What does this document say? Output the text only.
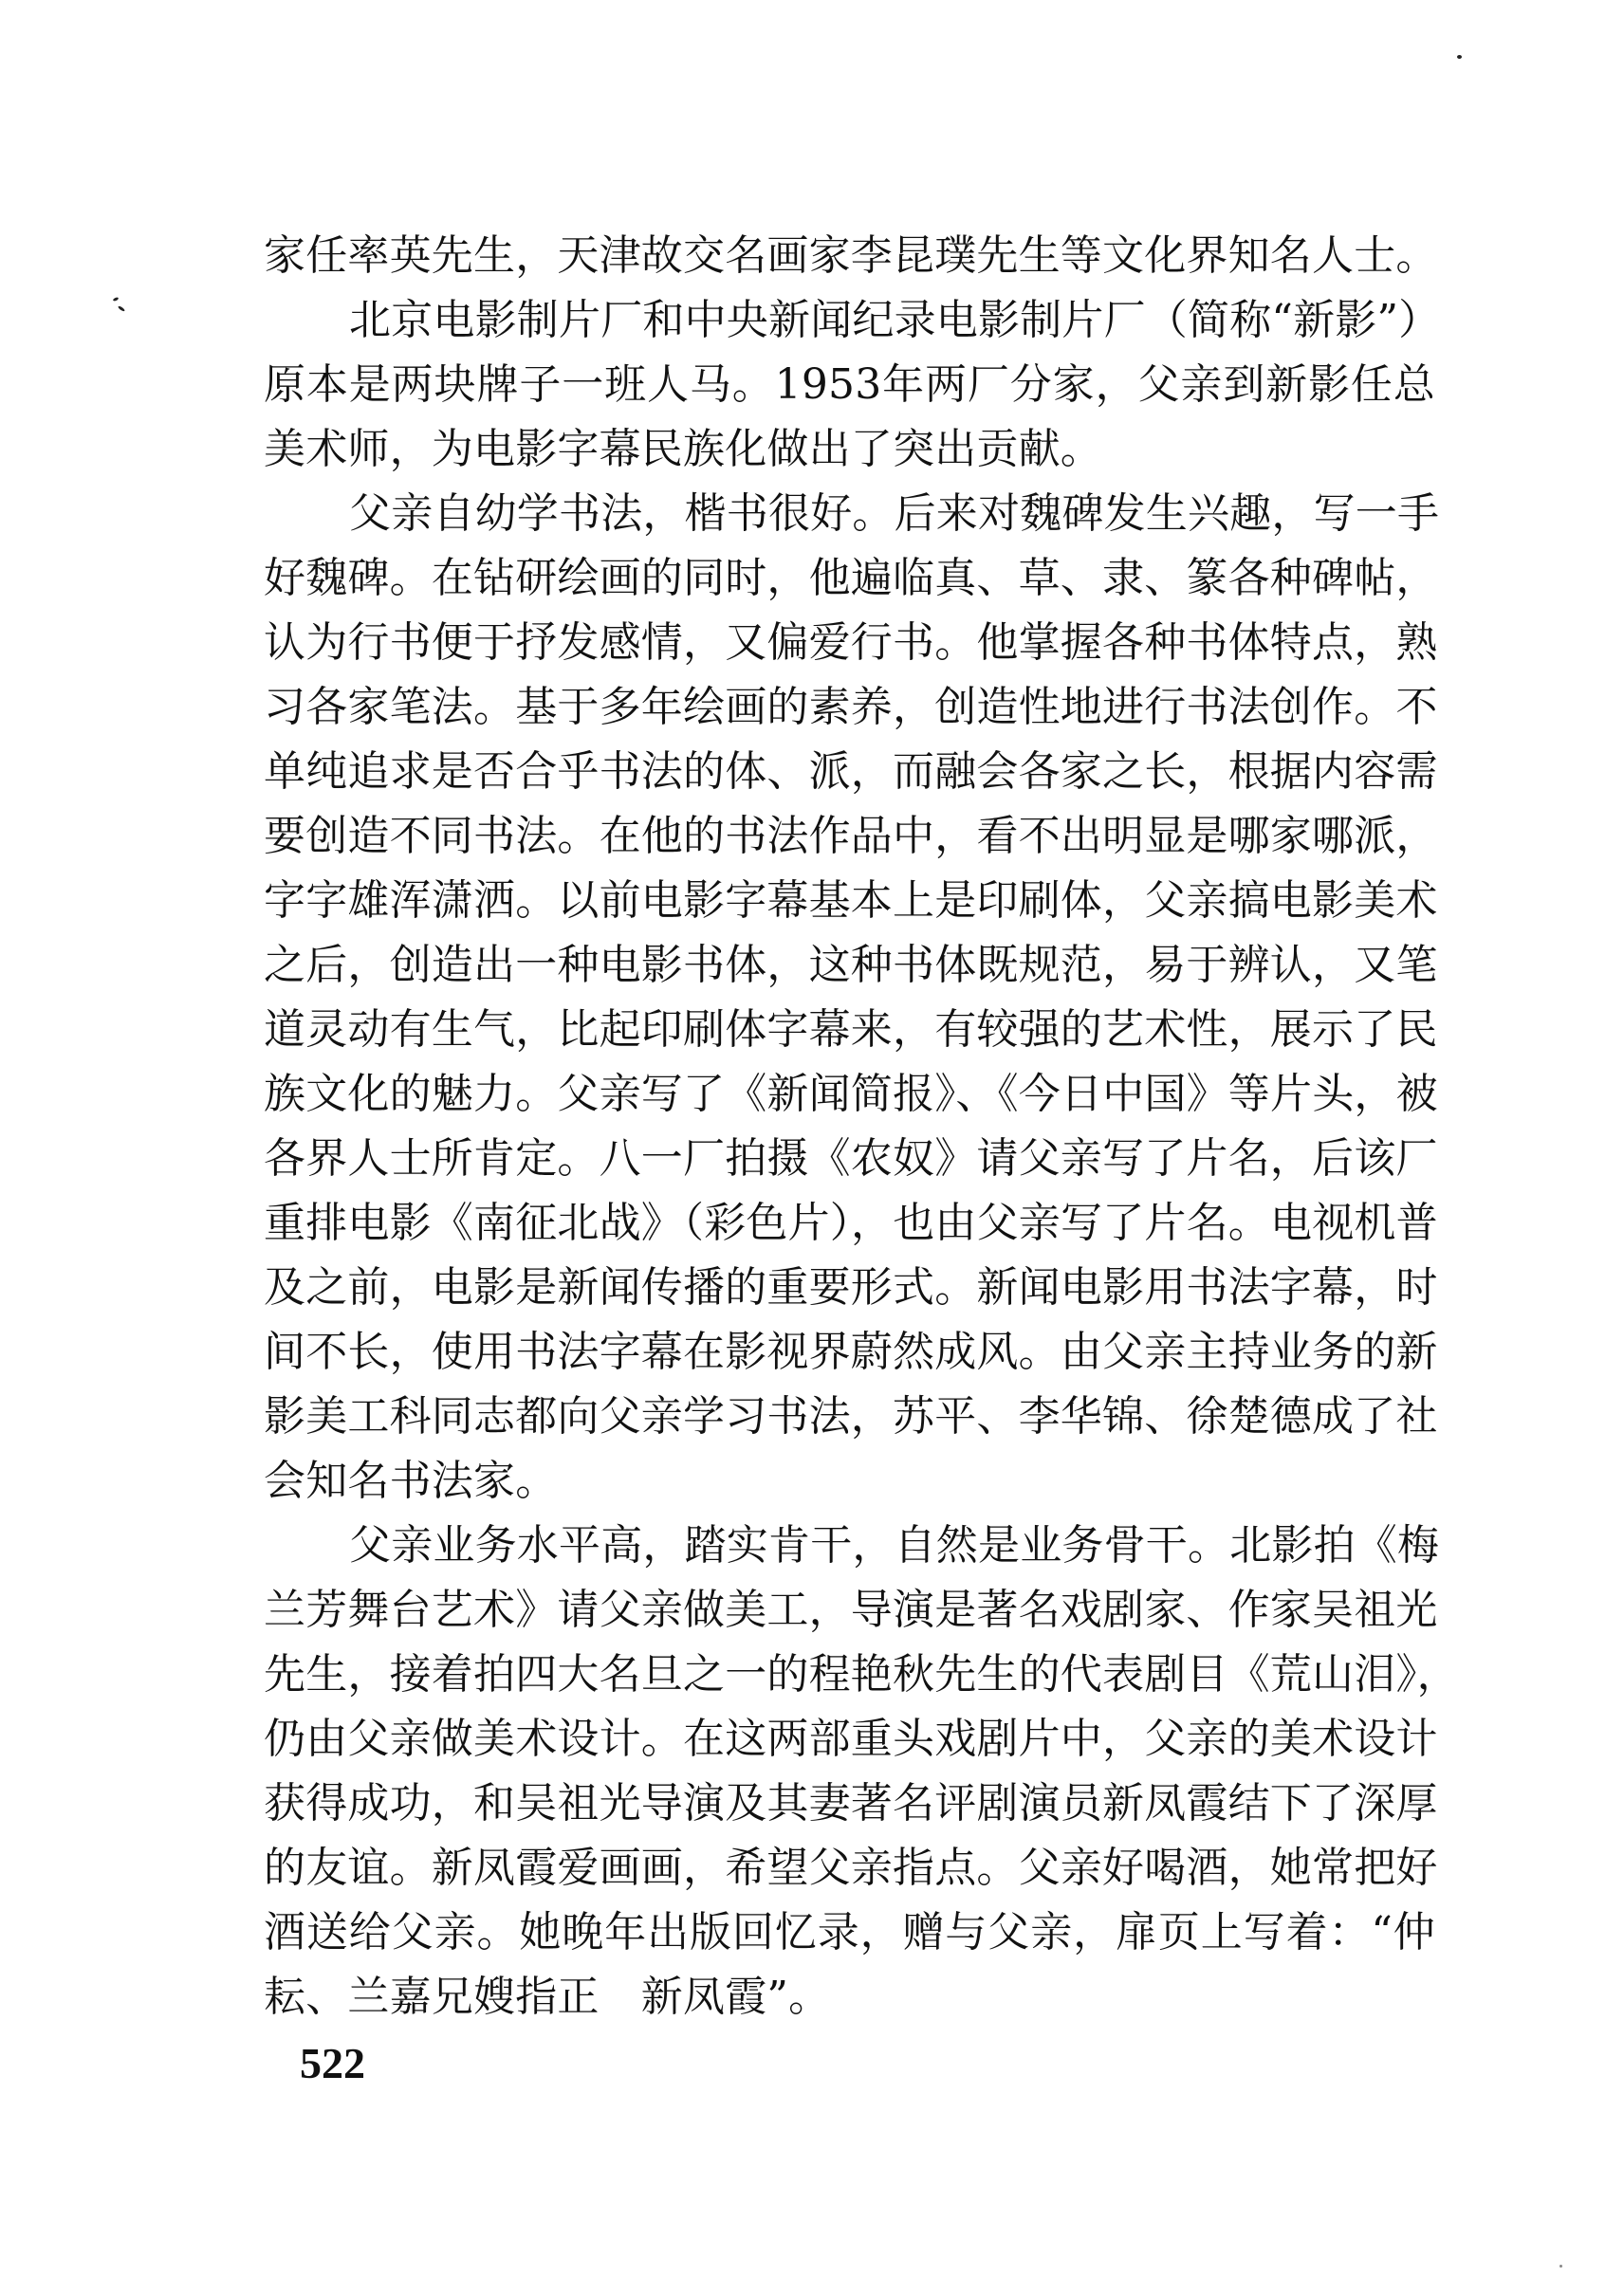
家任率英先生，天津故交名画家李昆璞先生等文化界知名人士。
北京电影制片厂和中央新闻纪录电影制片厂（简称“新影”）
原本是两块牌子一班人马。1953年两厂分家，父亲到新影任总
美术师，为电影字幕民族化做出了突出贡献。
父亲自幼学书法，楷书很好。后来对魏碑发生兴趣，写一手
好魏碑。在钻研绘画的同时，他遍临真、草、隶、篆各种碑帖，
认为行书便于抒发感情，又偏爱行书。他掌握各种书体特点，熟
习各家笔法。基于多年绘画的素养，创造性地进行书法创作。不
单纯追求是否合乎书法的体、派，而融会各家之长，根据内容需
要创造不同书法。在他的书法作品中，看不出明显是哪家哪派，
字字雄浑潇洒。以前电影字幕基本上是印刷体，父亲搞电影美术
之后，创造出一种电影书体，这种书体既规范，易于辨认，又笔
道灵动有生气，比起印刷体字幕来，有较强的艺术性，展示了民
族文化的魅力。父亲写了《新闻简报》、《今日中国》等片头，被
各界人士所肯定。八一厂拍摄《农奴》请父亲写了片名，后该厂
重排电影《南征北战》（彩色片），也由父亲写了片名。电视机普
及之前，电影是新闻传播的重要形式。新闻电影用书法字幕，时
间不长，使用书法字幕在影视界蔚然成风。由父亲主持业务的新
影美工科同志都向父亲学习书法，苏平、李华锦、徐楚德成了社
会知名书法家。
父亲业务水平高，踏实肯干，自然是业务骨干。北影拍《梅
兰芳舞台艺术》请父亲做美工，导演是著名戏剧家、作家吴祖光
先生，接着拍四大名旦之一的程艳秋先生的代表剧目《荒山泪》，
仍由父亲做美术设计。在这两部重头戏剧片中，父亲的美术设计
获得成功，和吴祖光导演及其妻著名评剧演员新凤霞结下了深厚
的友谊。新凤霞爱画画，希望父亲指点。父亲好喝酒，她常把好
酒送给父亲。她晚年出版回忆录，赠与父亲，扉页上写着：“仲
耘、兰嘉兄嫂指正　新凤霞”。
522
